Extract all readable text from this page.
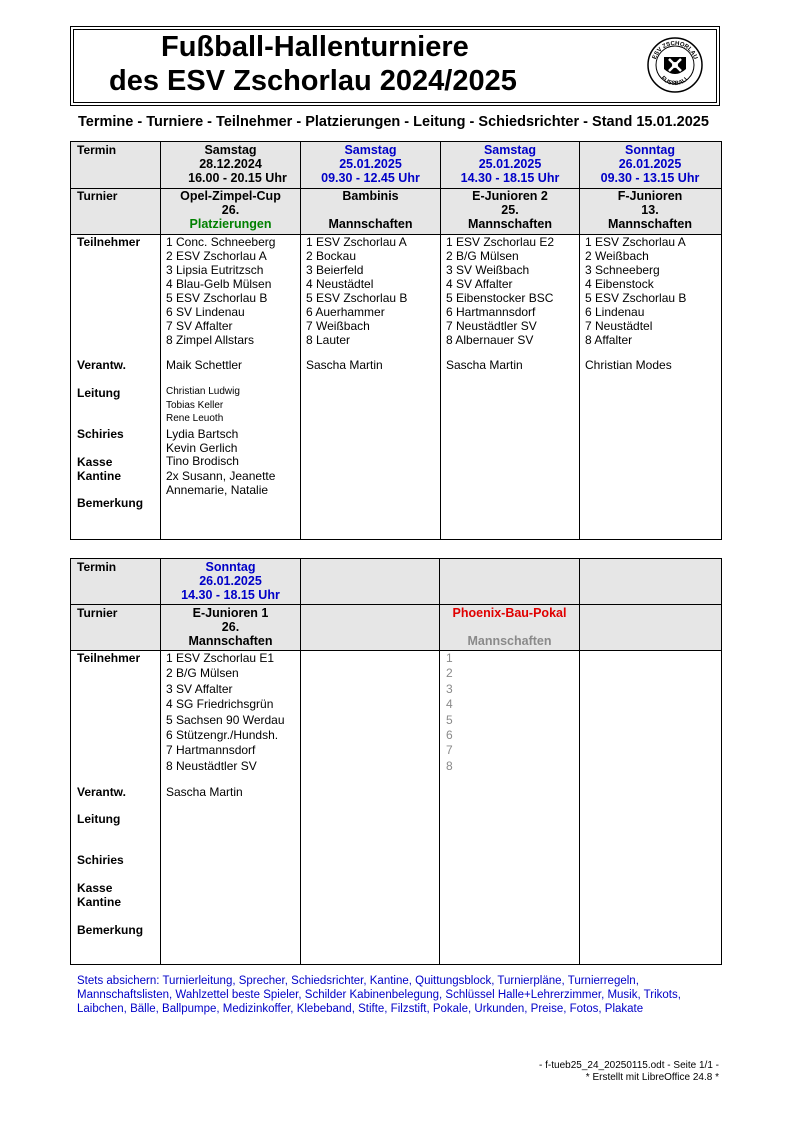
Fußball-Hallenturniere
des ESV Zschorlau 2024/2025
ESV ZSCHORLAU
FUSSBALL
Termine - Turniere - Teilnehmer - Platzierungen - Leitung - Schiedsrichter - Stand 15.01.2025
Termin
Turnier
Teilnehmer
Verantw.
Leitung
Schiries
Kasse
Kantine
Bemerkung
Samstag
28.12.2024
16.00 - 20.15 Uhr
Opel-Zimpel-Cup
26.
Platzierungen
1 Conc. Schneeberg
2 ESV Zschorlau A
3 Lipsia Eutritzsch
4 Blau-Gelb Mülsen
5 ESV Zschorlau B
6 SV Lindenau
7 SV Affalter
8 Zimpel Allstars
Maik Schettler
Christian Ludwig
Tobias Keller
Rene Leuoth
Lydia Bartsch
Kevin Gerlich
Tino Brodisch
2x Susann, Jeanette
Annemarie, Natalie
Samstag
25.01.2025
09.30 - 12.45 Uhr
Bambinis
Mannschaften
1 ESV Zschorlau A
2 Bockau
3 Beierfeld
4 Neustädtel
5 ESV Zschorlau B
6 Auerhammer
7 Weißbach
8 Lauter
Sascha Martin
Samstag
25.01.2025
14.30 - 18.15 Uhr
E-Junioren 2
25.
Mannschaften
1 ESV Zschorlau E2
2 B/G Mülsen
3 SV Weißbach
4 SV Affalter
5 Eibenstocker BSC
6 Hartmannsdorf
7 Neustädtler SV
8 Albernauer SV
Sascha Martin
Sonntag
26.01.2025
09.30 - 13.15 Uhr
F-Junioren
13.
Mannschaften
1 ESV Zschorlau A
2 Weißbach
3 Schneeberg
4 Eibenstock
5 ESV Zschorlau B
6 Lindenau
7 Neustädtel
8 Affalter
Christian Modes
Termin
Turnier
Teilnehmer
Verantw.
Leitung
Schiries
Kasse
Kantine
Bemerkung
Sonntag
26.01.2025
14.30 - 18.15 Uhr
E-Junioren 1
26.
Mannschaften
1 ESV Zschorlau E1
2 B/G Mülsen
3 SV Affalter
4 SG Friedrichsgrün
5 Sachsen 90 Werdau
6 Stützengr./Hundsh.
7 Hartmannsdorf
8 Neustädtler SV
Sascha Martin
Phoenix-Bau-Pokal
Mannschaften
1
2
3
4
5
6
7
8
Stets absichern: Turnierleitung, Sprecher, Schiedsrichter, Kantine, Quittungsblock, Turnierpläne, Turnierregeln, Mannschaftslisten, Wahlzettel beste Spieler, Schilder Kabinenbelegung, Schlüssel Halle+Lehrerzimmer, Musik, Trikots, Laibchen, Bälle, Ballpumpe, Medizinkoffer, Klebeband, Stifte, Filzstift, Pokale, Urkunden, Preise, Fotos, Plakate
- f-tueb25_24_20250115.odt - Seite 1/1 -
* Erstellt mit LibreOffice 24.8 *
